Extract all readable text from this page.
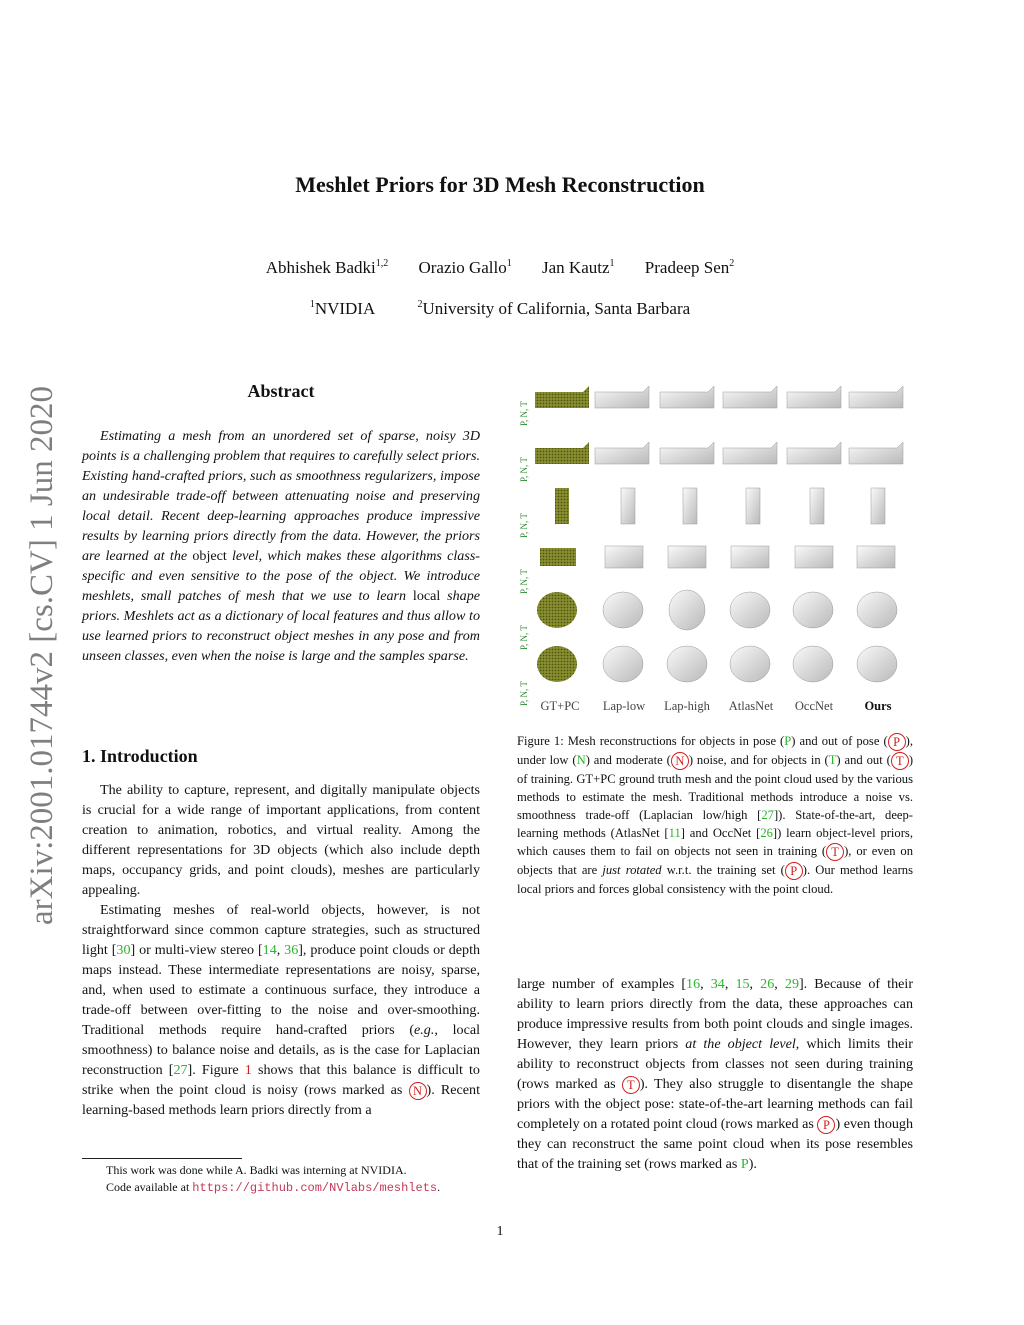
arXiv:2001.01744v2 [cs.CV] 1 Jun 2020
Meshlet Priors for 3D Mesh Reconstruction
Abhishek Badki$^{1,2}$ Orazio Gallo$^1$ Jan Kautz$^1$ Pradeep Sen$^2$
$^1$NVIDIA	$^2$University of California, Santa Barbara
Abstract

Estimating a mesh from an unordered set of sparse, noisy 3D points is a challenging problem that requires to carefully select priors. Existing hand-crafted priors, such as smoothness regularizers, impose an undesirable trade-off between attenuating noise and preserving local detail. Recent deep-learning approaches produce impressive results by learning priors directly from the data. However, the priors are learned at the object level, which makes these algorithms class-specific and even sensitive to the pose of the object. We introduce meshlets, small patches of mesh that we use to learn local shape priors. Meshlets act as a dictionary of local features and thus allow to use learned priors to reconstruct object meshes in any pose and from unseen classes, even when the noise is large and the samples sparse.

1. Introduction

The ability to capture, represent, and digitally manipulate objects is crucial for a wide range of important applications, from content creation to animation, robotics, and virtual reality. Among the different representations for 3D objects (which also include depth maps, occupancy grids, and point clouds), meshes are particularly appealing.

Estimating meshes of real-world objects, however, is not straightforward since common capture strategies, such as structured light [30] or multi-view stereo [14, 36], produce point clouds or depth maps instead. These intermediate representations are noisy, sparse, and, when used to estimate a continuous surface, they introduce a trade-off between over-fitting to the noise and over-smoothing. Traditional methods require hand-crafted priors (e.g., local smoothness) to balance noise and details, as is the case for Laplacian reconstruction [27]. Figure 1 shows that this balance is difficult to strike when the point cloud is noisy (rows marked as N ). Recent learning-based methods learn priors directly from a

This work was done while A. Badki was interning at NVIDIA.
Code available at https://github.com/NVlabs/meshlets.
P, N, T
P, N, T
P, N, T
P, N, T
P, N, T
P, N, T GT+PC Lap-low Lap-high AtlasNet OccNet	Ours

Figure 1: Mesh reconstructions for objects in pose (P) and out of pose ( P ), under low (N) and moderate ( N ) noise, and for objects in (T) and out ( T ) of training. GT+PC ground truth mesh and the point cloud used by the various methods to estimate the mesh. Traditional methods introduce a noise vs. smoothness trade-off (Laplacian low/high [27]). State-of-the-art, deep-learning methods (AtlasNet [11] and OccNet [26]) learn object-level priors, which causes them to fail on objects not seen in training ( T ), or even on objects that are just rotated w.r.t. the training set ( P ). Our method learns local priors and forces global consistency with the point cloud.

large number of examples [16, 34, 15, 26, 29]. Because of their ability to learn priors directly from the data, these approaches can produce impressive results from both point clouds and single images. However, they learn priors at the object level, which limits their ability to reconstruct objects from classes not seen during training (rows marked as T ). They also struggle to disentangle the shape priors with the object pose: state-of-the-art learning methods can fail completely on a rotated point cloud (rows marked as P ) even though they can reconstruct the same point cloud when its pose resembles that of the training set (rows marked as P).

1
